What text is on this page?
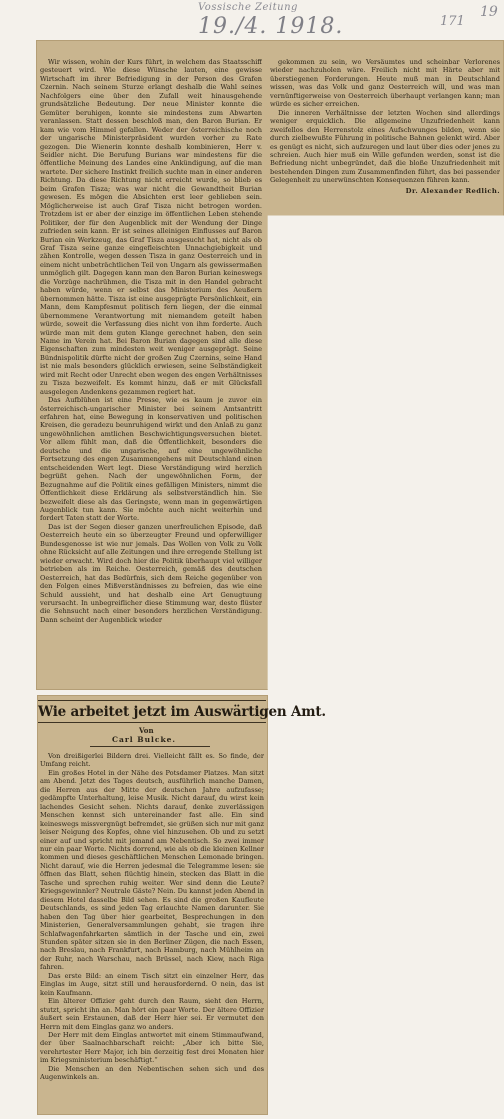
Vossische Zeitung
19./4. 1918.	171
19

Wir wissen, wohin der Kurs führt, in welchem das Staatsschiff gesteuert wird. Wie diese Wünsche lauten, eine gewisse Wirtschaft im ihrer Befriedigung in der Person des Grafen Czernin. Nach seinem Sturze erlangt deshalb die Wahl seines Nachfolgers eine über den Zufall weit hinausgehende grundsätzliche Bedeutung. Der neue Minister konnte die Gemüter beruhigen, konnte sie mindestens zum Abwarten veranlassen. Statt dessen beschloß man, den Baron Burian. Er kam wie vom Himmel gefallen. Weder der österreichische noch der ungarische Ministerpräsident wurden vorher zu Rate gezogen. Die Wienerin konnte deshalb kombinieren, Herr v. Seidler nicht. Die Berufung Burians war mindestens für die öffentliche Meinung des Landes eine Ankündigung, auf die man wartete. Der sichere Instinkt freilich suchte man in einer anderen Richtung. Da diese Richtung nicht erreicht wurde, so blieb es beim Grafen Tisza; was war nicht die Gewandtheit Burian gewesen. Es mögen die Absichten erst leer geblieben sein. Möglicherweise ist auch Graf Tisza nicht betrogen worden. Trotzdem ist er aber der einzige im öffentlichen Leben stehende Politiker, der für den Augenblick mit der Wendung der Dinge zufrieden sein kann. Er ist seines alleinigen Einflusses auf Baron Burian ein Werkzeug, das Graf Tisza ausgesucht hat, nicht als ob Graf Tisza seine ganze eingefleischten Unnachgiebigkeit und zähen Kontrolle, wegen dessen Tisza in ganz Oesterreich und in einem nicht unbeträchtlichen Teil von Ungarn als gewissermaßen unmöglich gilt. Dagegen kann man den Baron Burian keineswegs die Vorzüge nachrühmen, die Tisza mit in den Handel gebracht haben würde, wenn er selbst das Ministerium des Aeußern übernommen hätte. Tisza ist eine ausgeprägte Persönlichkeit, ein Mann, dem Kampfesmut politisch fern liegen, der die einmal übernommene Verantwortung mit niemandem geteilt haben würde, soweit die Verfassung dies nicht von ihm forderte. Auch würde man mit dem guten Klange gerechnet haben, den sein Name im Verein hat. Bei Baron Burian dagegen sind alle diese Eigenschaften zum mindesten weit weniger ausgeprägt. Seine Bündnispolitik dürfte nicht der großen Zug Czernins, seine Hand ist nie mals besonders glücklich erwiesen, seine Selbständigkeit wird mit Recht oder Unrecht eben wegen des engen Verhältnisses zu Tisza bezweifelt. Es kommt hinzu, daß er mit Glücksfall ausgelegen Andenkens gezammen regiert hat.

Das Aufblühen ist eine Presse, wie es kaum je zuvor ein österreichisch-ungarischer Minister bei seinem Amtsantritt erfahren hat, eine Bewegung in konservativen und politischen Kreisen, die geradezu beunruhigend wirkt und den Anlaß zu ganz ungewöhnlichen amtlichen Beschwichtigungsversuchen bietet. Vor allem fühlt man, daß die Öffentlichkeit, besonders die deutsche und die ungarische, auf eine ungewöhnliche Fortsetzung des engen Zusammengehens mit Deutschland einen entscheidenden Wert legt. Diese Verständigung wird herzlich begrüßt gehen. Nach der ungewöhnlichen Form, der Bezugnahme auf die Politik eines gefälligen Ministers, nimmt die Öffentlichkeit diese Erklärung als selbstverständlich hin. Sie bezweifelt diese als das Geringste, wenn man in gegenwärtigen Augenblick tun kann. Sie möchte auch nicht weiterhin und fordert Taten statt der Worte.

Das ist der Segen dieser ganzen unerfreulichen Episode, daß Oesterreich heute ein so überzeugter Freund und opferwilliger Bundesgenosse ist wie nur jemals. Das Wollen von Volk zu Volk ohne Rücksicht auf alle Zeitungen und ihre erregende Stellung ist wieder erwacht. Wird doch hier die Politik überhaupt viel williger betrieben als im Reiche. Oesterreich, gemäß des deutschen Oesterreich, hat das Bedürfnis, sich dem Reiche gegenüber von den Folgen eines Mißverständnisses zu befreien, das wie eine Schuld aussieht, und hat deshalb eine Art Genugtuung verursacht. In unbegreiflicher diese Stimmung war, desto flüster die Sehnsucht nach einer besonders herzlichen Verständigung. Dann scheint der Augenblick wieder

gekommen zu sein, wo Versäumtes und scheinbar Verlorenes wieder nachzuholen wäre. Freilich nicht mit Härte aber mit überstiegenen Forderungen. Heute muß man in Deutschland wissen, was das Volk und ganz Oesterreich will, und was man vernünftigerweise von Oesterreich überhaupt verlangen kann; man würde es sicher erreichen.

Die inneren Verhältnisse der letzten Wochen sind allerdings weniger erquicklich. Die allgemeine Unzufriedenheit kann zweifellos den Herrenstolz eines Aufschwunges bilden, wenn sie durch zielbewußte Führung in politische Bahnen gelenkt wird. Aber es genügt es nicht, sich aufzuregen und laut über dies oder jenes zu schreien. Auch hier muß ein Wille gefunden werden, sonst ist die Befriedung nicht unbegründet, daß die bloße Unzufriedenheit mit bestehenden Dingen zum Zusammenfinden führt, das bei passender Gelegenheit zu unerwünschten Konsequenzen führen kann.

Dr. Alexander Redlich.
Wie arbeitet jetzt im Auswärtigen Amt.
Von
Carl Bulcke.

Von dreißigerlei Bildern drei. Vielleicht fällt es. So finde, der Umfang reicht.

Ein großes Hotel in der Nähe des Potsdamer Platzes. Man sitzt am Abend. Jetzt des Tages deutsch, ausführlich manche Damen, die Herren aus der Mitte der deutschen Jahre aufzufasse; gedämpfte Unterhaltung, leise Musik. Nicht darauf, du wirst kein lachendes Gesicht sehen. Nichts darauf, denke zuverlässigen Menschen kennst sich untereinander fast alle. Ein sind keineswegs missvergnügt befremdet, sie grüßen sich nur mit ganz leiser Neigung des Kopfes, ohne viel hinzusehen. Ob und zu setzt einer auf und spricht mit jemand am Nebentisch. So zwei immer nur ein paar Worte. Nichts dorrend, wie als ob die kleinen Kellner kommen und dieses geschäftlichen Menschen Lemonade bringen. Nicht darauf, wie die Herren jedesmal die Telegramme lesen: sie öffnen das Blatt, sehen flüchtig hinein, stecken das Blatt in die Tasche und sprechen ruhig weiter. Wer sind denn die Leute? Kriegsgewinnler? Neutrale Gäste? Nein. Du kannst jeden Abend in diesem Hotel dasselbe Bild sehen. Es sind die großen Kaufleute Deutschlands, es sind jeden Tag erlauchte Namen darunter. Sie haben den Tag über hier gearbeitet, Besprechungen in den Ministerien, Generalversammlungen gehabt, sie tragen ihre Schlafwagenfahrkarten sämtlich in der Tasche und ein, zwei Stunden später sitzen sie in den Berliner Zügen, die nach Essen, nach Breslau, nach Frankfurt, nach Hamburg, nach Mühlheim an der Ruhr, nach Warschau, nach Brüssel, nach Kiew, nach Riga fahren.

Das erste Bild: an einem Tisch sitzt ein einzelner Herr, das Einglas im Auge, sitzt still und herausfordernd. O nein, das ist kein Kaufmann.

Ein älterer Offizier geht durch den Raum, sieht den Herrn, stutzt, spricht ihn an. Man hört ein paar Worte. Der ältere Offizier äußert sein Erstaunen, daß der Herr hier sei. Er vermutet den Herrn mit dem Einglas ganz wo anders.

Der Herr mit dem Einglas antwortet mit einem Stimmaufwand, der über Saalnachbarschaft reicht: „Aber ich bitte Sie, verehrtester Herr Major, ich bin derzeitig fest drei Monaten hier im Kriegsministerium beschäftigt.“

Die Menschen an den Nebentischen sehen sich und des Augenwinkels an.
